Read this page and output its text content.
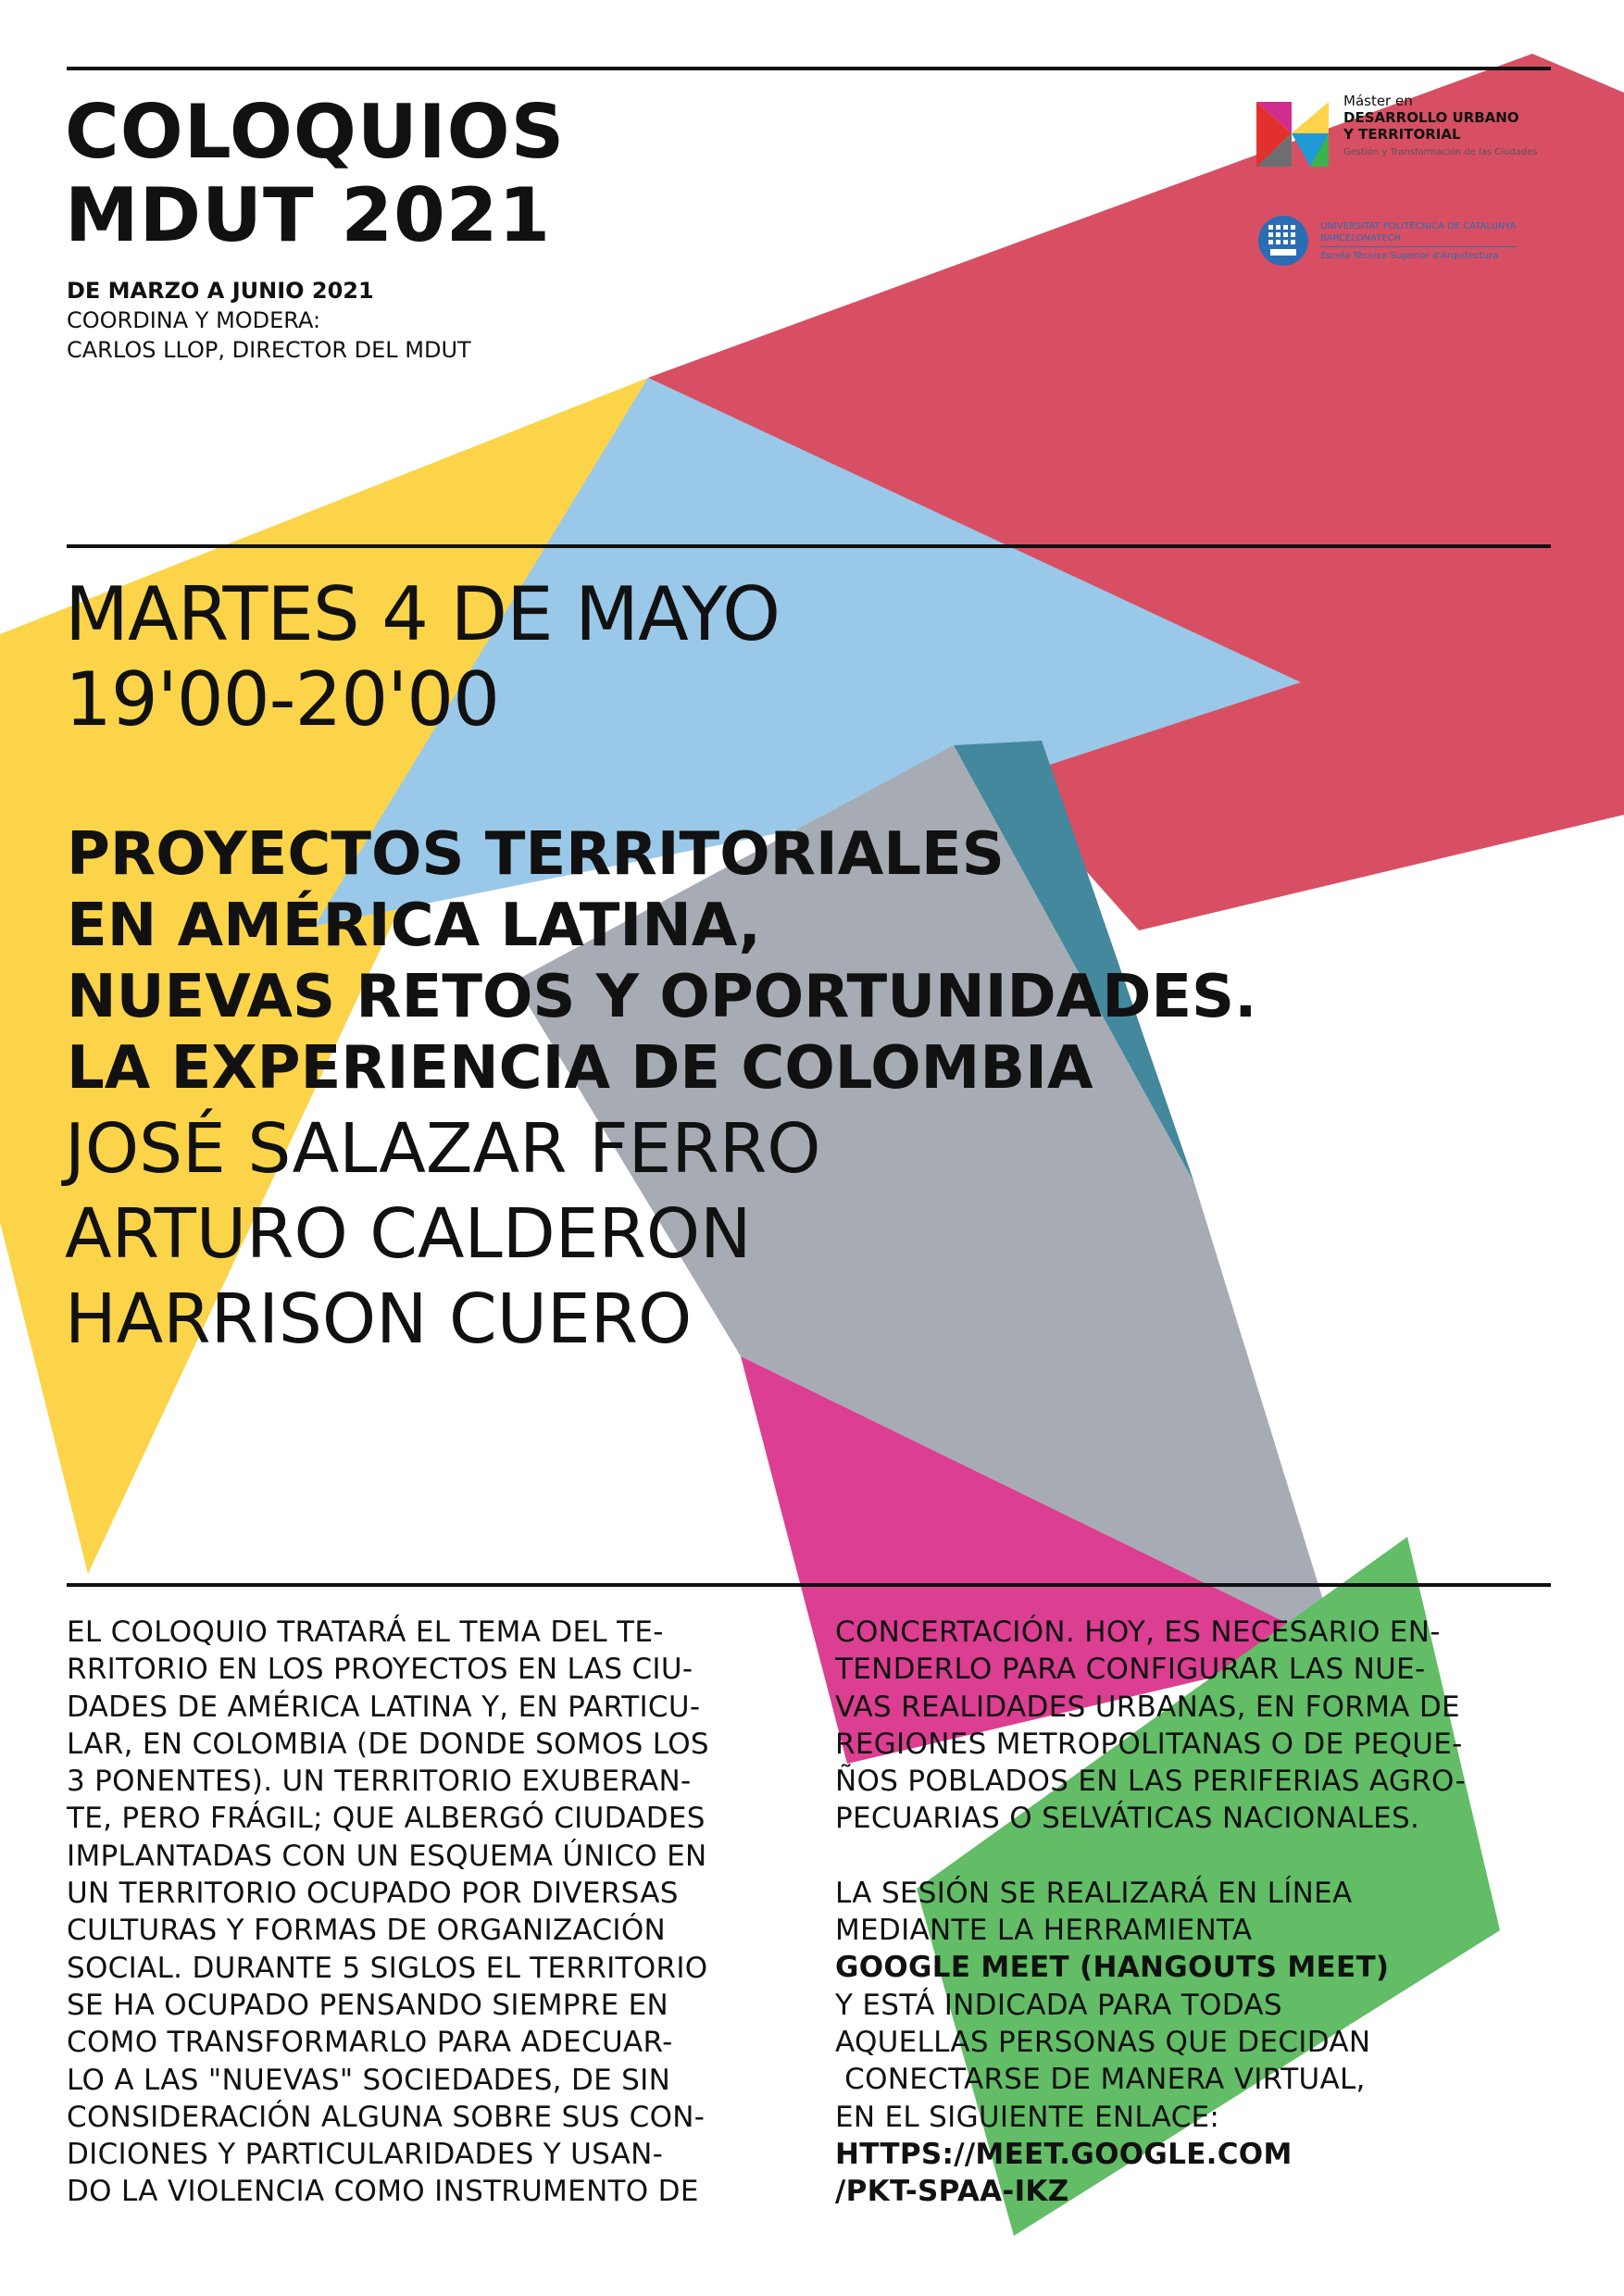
COLOQUIOS
MDUT 2021
DE MARZO A JUNIO 2021
COORDINA Y MODERA:
CARLOS LLOP, DIRECTOR DEL MDUT
Máster en
DESARROLLO URBANO
Y TERRITORIAL
Gestión y Transformación de las Ciudades
UNIVERSITAT POLITÈCNICA DE CATALUNYA
BARCELONATECH
Escola Tècnica Superior d'Arquitectura
MARTES 4 DE MAYO
19'00-20'00
PROYECTOS TERRITORIALES
EN AMÉRICA LATINA,
NUEVAS RETOS Y OPORTUNIDADES.
LA EXPERIENCIA DE COLOMBIA
JOSÉ SALAZAR FERRO
ARTURO CALDERON
HARRISON CUERO
EL COLOQUIO TRATARÁ EL TEMA DEL TE-
RRITORIO EN LOS PROYECTOS EN LAS CIU-
DADES DE AMÉRICA LATINA Y, EN PARTICU-
LAR, EN COLOMBIA (DE DONDE SOMOS LOS
3 PONENTES). UN TERRITORIO EXUBERAN-
TE, PERO FRÁGIL; QUE ALBERGÓ CIUDADES
IMPLANTADAS CON UN ESQUEMA ÚNICO EN
UN TERRITORIO OCUPADO POR DIVERSAS
CULTURAS Y FORMAS DE ORGANIZACIÓN
SOCIAL. DURANTE 5 SIGLOS EL TERRITORIO
SE HA OCUPADO PENSANDO SIEMPRE EN
COMO TRANSFORMARLO PARA ADECUAR-
LO A LAS "NUEVAS" SOCIEDADES, DE SIN
CONSIDERACIÓN ALGUNA SOBRE SUS CON-
DICIONES Y PARTICULARIDADES Y USAN-
DO LA VIOLENCIA COMO INSTRUMENTO DE
CONCERTACIÓN. HOY, ES NECESARIO EN-
TENDERLO PARA CONFIGURAR LAS NUE-
VAS REALIDADES URBANAS, EN FORMA DE
REGIONES METROPOLITANAS O DE PEQUE-
ÑOS POBLADOS EN LAS PERIFERIAS AGRO-
PECUARIAS O SELVÁTICAS NACIONALES.
LA SESIÓN SE REALIZARÁ EN LÍNEA
MEDIANTE LA HERRAMIENTA
GOOGLE MEET (HANGOUTS MEET)
Y ESTÁ INDICADA PARA TODAS
AQUELLAS PERSONAS QUE DECIDAN
CONECTARSE DE MANERA VIRTUAL,
EN EL SIGUIENTE ENLACE:
HTTPS://MEET.GOOGLE.COM
/PKT-SPAA-IKZ
